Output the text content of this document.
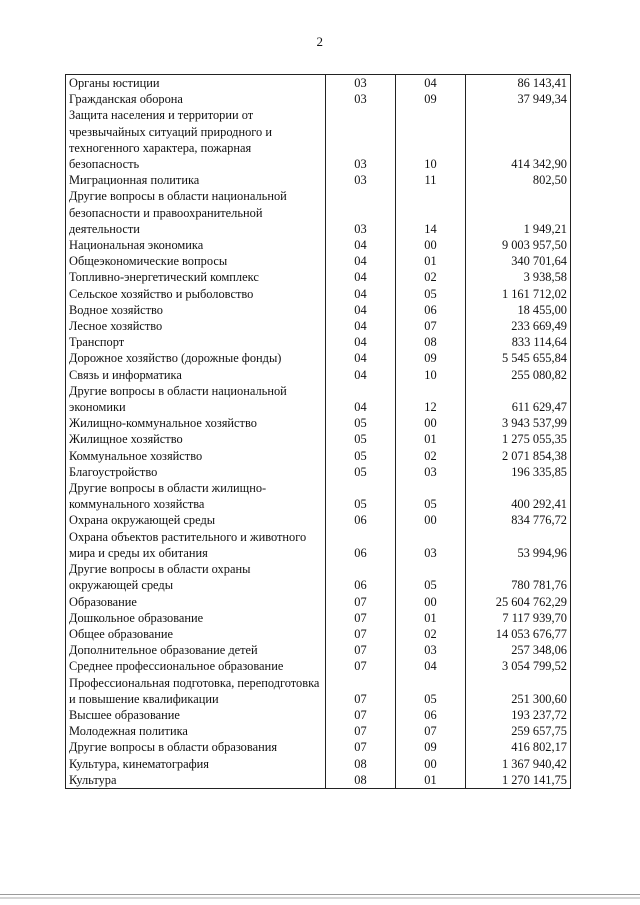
2
Органы юстиции	03	04	86 143,41
Гражданская оборона	03	09	37 949,34
Защита населения и территории от чрезвычайных ситуаций природного и техногенного характера, пожарная безопасность	03	10	414 342,90
Миграционная политика	03	11	802,50
Другие вопросы в области национальной безопасности и правоохранительной деятельности	03	14	1 949,21
Национальная экономика	04	00	9 003 957,50
Общеэкономические вопросы	04	01	340 701,64
Топливно-энергетический комплекс	04	02	3 938,58
Сельское хозяйство и рыболовство	04	05	1 161 712,02
Водное хозяйство	04	06	18 455,00
Лесное хозяйство	04	07	233 669,49
Транспорт	04	08	833 114,64
Дорожное хозяйство (дорожные фонды)	04	09	5 545 655,84
Связь и информатика	04	10	255 080,82
Другие вопросы в области национальной экономики	04	12	611 629,47
Жилищно-коммунальное хозяйство	05	00	3 943 537,99
Жилищное хозяйство	05	01	1 275 055,35
Коммунальное хозяйство	05	02	2 071 854,38
Благоустройство	05	03	196 335,85
Другие вопросы в области жилищно-коммунального хозяйства	05	05	400 292,41
Охрана окружающей среды	06	00	834 776,72
Охрана объектов растительного и животного мира и среды их обитания	06	03	53 994,96
Другие вопросы в области охраны окружающей среды	06	05	780 781,76
Образование	07	00	25 604 762,29
Дошкольное образование	07	01	7 117 939,70
Общее образование	07	02	14 053 676,77
Дополнительное образование детей	07	03	257 348,06
Среднее профессиональное образование	07	04	3 054 799,52
Профессиональная подготовка, переподготовка и повышение квалификации	07	05	251 300,60
Высшее образование	07	06	193 237,72
Молодежная политика	07	07	259 657,75
Другие вопросы в области образования	07	09	416 802,17
Культура, кинематография	08	00	1 367 940,42
Культура	08	01	1 270 141,75
